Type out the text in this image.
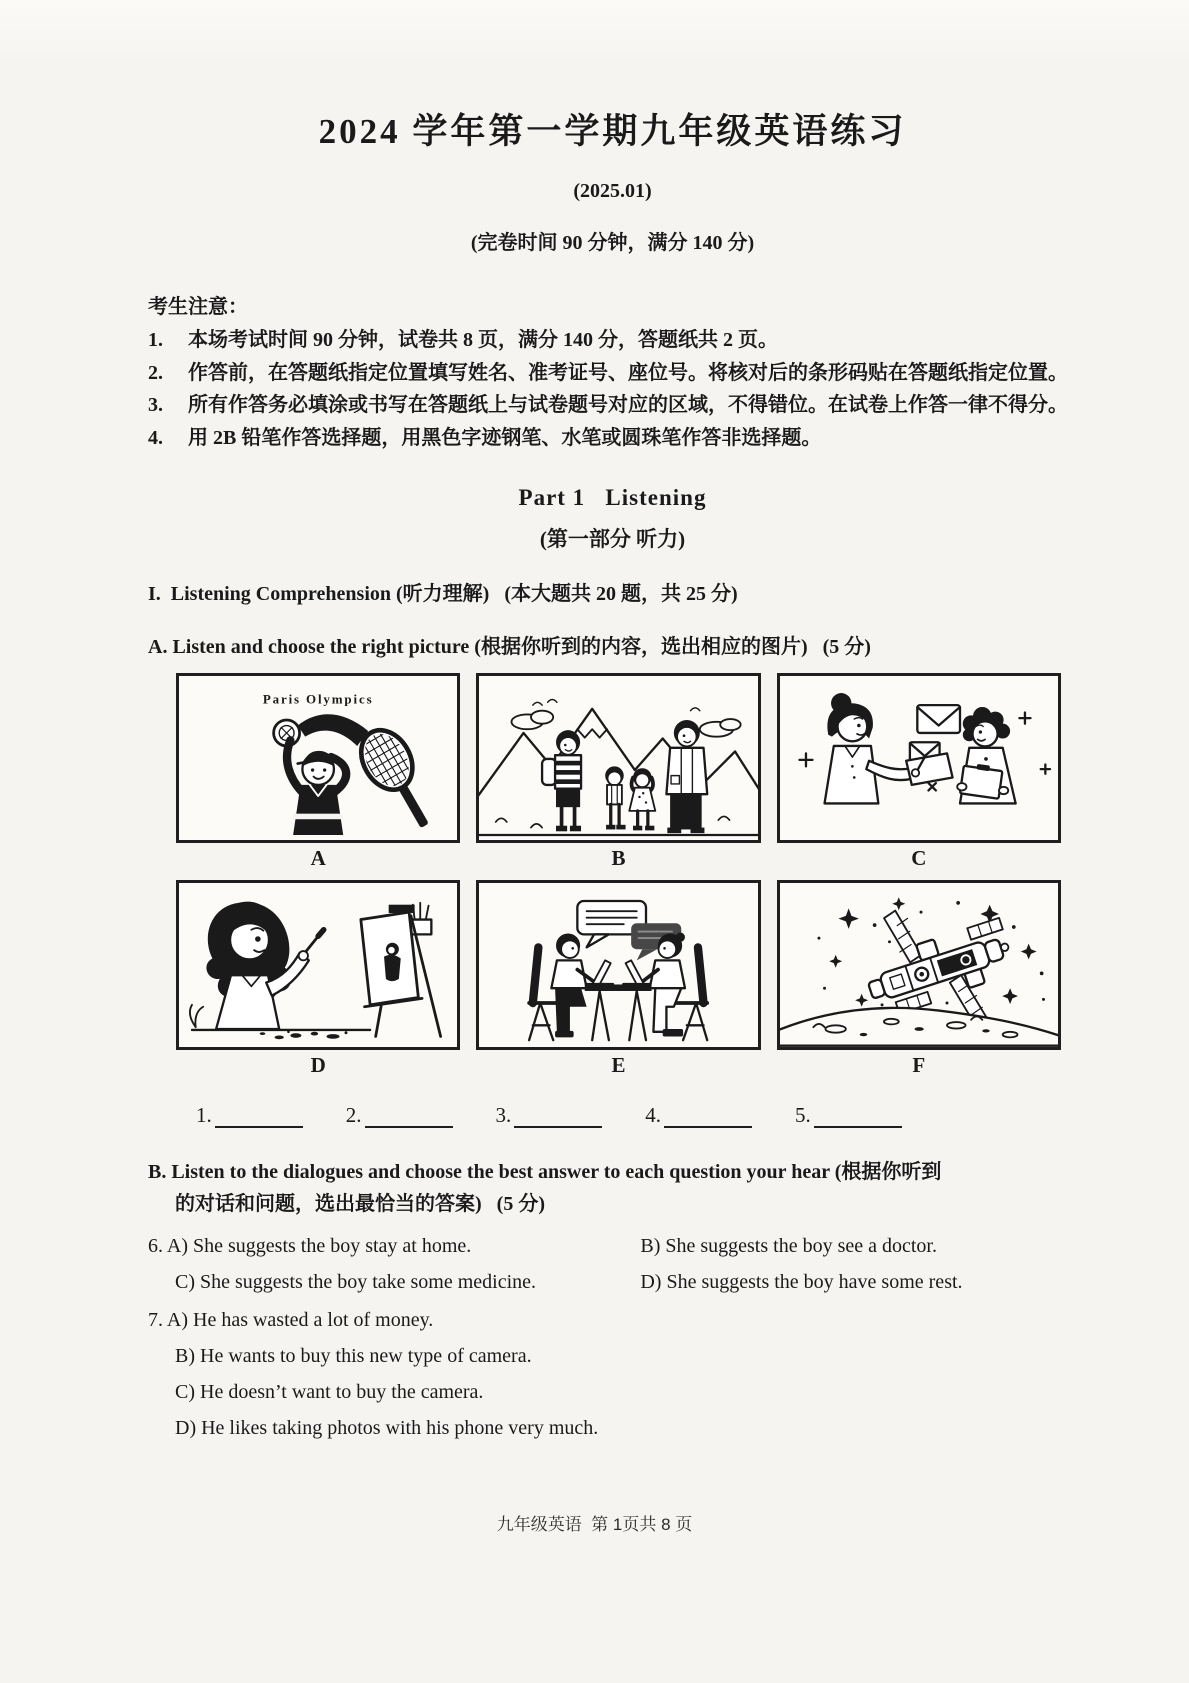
2024 学年第一学期九年级英语练习
(2025.01)
(完卷时间 90 分钟，满分 140 分)
考生注意：
1.	本场考试时间 90 分钟，试卷共 8 页，满分 140 分，答题纸共 2 页。
2.	作答前，在答题纸指定位置填写姓名、准考证号、座位号。将核对后的条形码贴在答题纸指定位置。
3.	所有作答务必填涂或书写在答题纸上与试卷题号对应的区域，不得错位。在试卷上作答一律不得分。
4.	用 2B 铅笔作答选择题，用黑色字迹钢笔、水笔或圆珠笔作答非选择题。
Part 1   Listening
(第一部分 听力)
I.  Listening Comprehension (听力理解)   (本大题共 20 题，共 25 分)
A. Listen and choose the right picture (根据你听到的内容，选出相应的图片)   (5 分)
Paris Olympics
A	B	C
D	E	F
1.	2.	3.	4.	5.
B. Listen to the dialogues and choose the best answer to each question your hear (根据你听到
的对话和问题，选出最恰当的答案)   (5 分)
6. A) She suggests the boy stay at home.	B) She suggests the boy see a doctor.
C) She suggests the boy take some medicine.	D) She suggests the boy have some rest.
7. A) He has wasted a lot of money.
B) He wants to buy this new type of camera.
C) He doesn’t want to buy the camera.
D) He likes taking photos with his phone very much.
九年级英语  第 1页共 8 页
